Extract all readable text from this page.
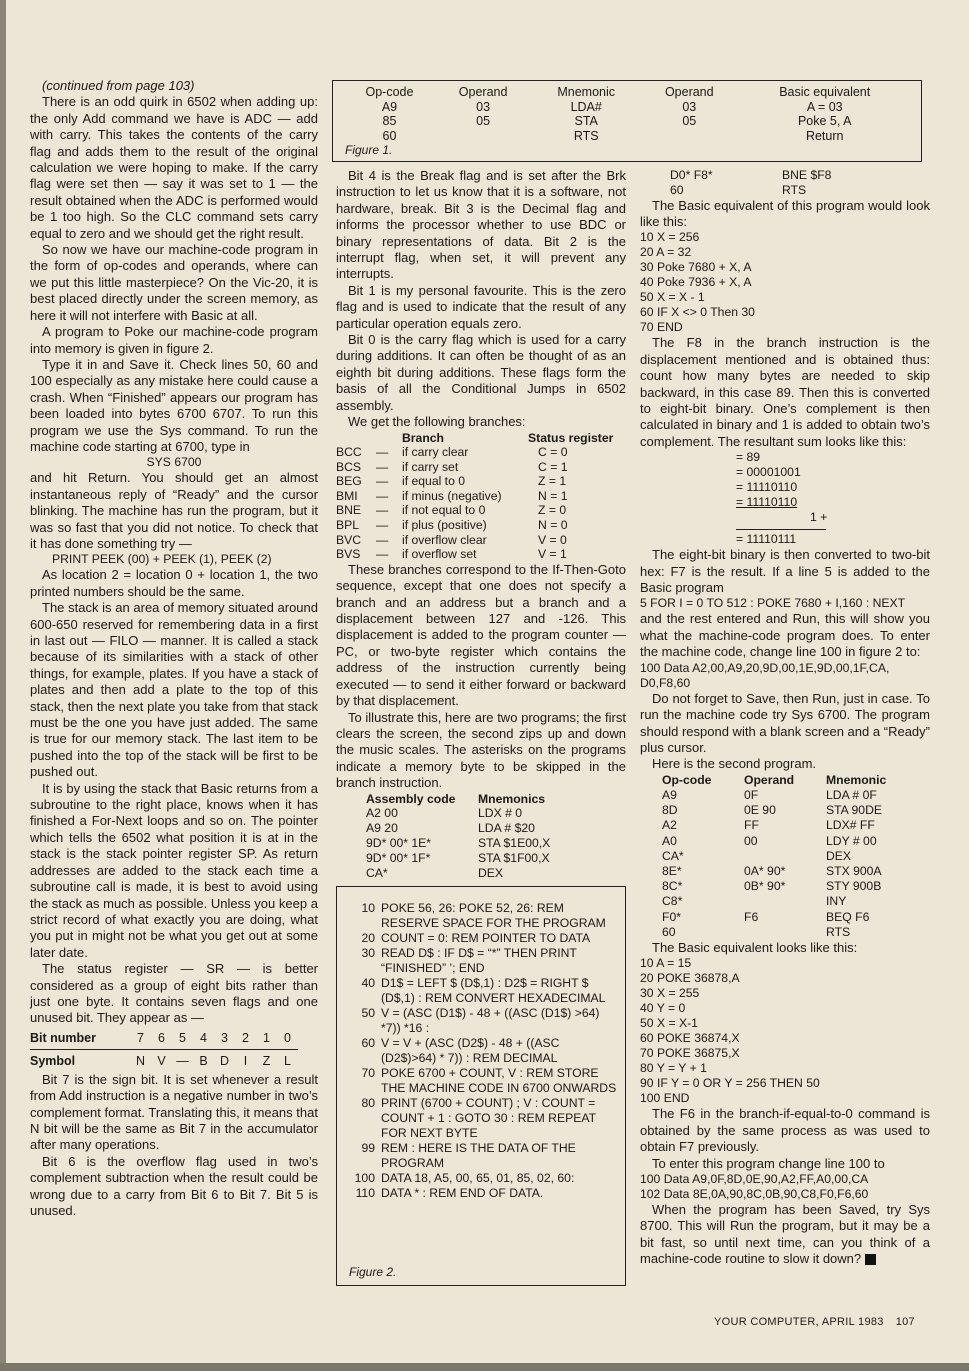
(continued from page 103)

There is an odd quirk in 6502 when adding up: the only Add command we have is ADC — add with carry. This takes the contents of the carry flag and adds them to the result of the original calculation we were hoping to make. If the carry flag were set then — say it was set to 1 — the result obtained when the ADC is performed would be 1 too high. So the CLC command sets carry equal to zero and we should get the right result.

So now we have our machine-code program in the form of op-codes and operands, where can we put this little masterpiece? On the Vic-20, it is best placed directly under the screen memory, as here it will not interfere with Basic at all.

A program to Poke our machine-code program into memory is given in figure 2.

Type it in and Save it. Check lines 50, 60 and 100 especially as any mistake here could cause a crash. When “Finished” appears our program has been loaded into bytes 6700 6707. To run this program we use the Sys command. To run the machine code starting at 6700, type in

SYS 6700

and hit Return. You should get an almost instantaneous reply of “Ready” and the cursor blinking. The machine has run the program, but it was so fast that you did not notice. To check that it has done something try —

PRINT PEEK (00) + PEEK (1), PEEK (2)

As location 2 = location 0 + location 1, the two printed numbers should be the same.

The stack is an area of memory situated around 600-650 reserved for remembering data in a first in last out — FILO — manner. It is called a stack because of its similarities with a stack of other things, for example, plates. If you have a stack of plates and then add a plate to the top of this stack, then the next plate you take from that stack must be the one you have just added. The same is true for our memory stack. The last item to be pushed into the top of the stack will be first to be pushed out.

It is by using the stack that Basic returns from a subroutine to the right place, knows when it has finished a For-Next loops and so on. The pointer which tells the 6502 what position it is at in the stack is the stack pointer register SP. As return addresses are added to the stack each time a subroutine call is made, it is best to avoid using the stack as much as possible. Unless you keep a strict record of what exactly you are doing, what you put in might not be what you get out at some later date.

The status register — SR — is better considered as a group of eight bits rather than just one byte. It contains seven flags and one unused bit. They appear as —

Bit number	7	6	5	4	3	2	1	0
Symbol	N	V	—	B	D	I	Z	L

Bit 7 is the sign bit. It is set whenever a result from Add instruction is a negative number in two’s complement format. Translating this, it means that N bit will be the same as Bit 7 in the accumulator after many operations.

Bit 6 is the overflow flag used in two’s complement subtraction when the result could be wrong due to a carry from Bit 6 to Bit 7. Bit 5 is unused.

Op-code	Operand	Mnemonic	Operand	Basic equivalent
A9	03	LDA#	03	A = 03
85	05	STA	05	Poke 5, A
60		RTS		Return
Figure 1.

Bit 4 is the Break flag and is set after the Brk instruction to let us know that it is a software, not hardware, break. Bit 3 is the Decimal flag and informs the processor whether to use BDC or binary representations of data. Bit 2 is the interrupt flag, when set, it will prevent any interrupts.

Bit 1 is my personal favourite. This is the zero flag and is used to indicate that the result of any particular operation equals zero.

Bit 0 is the carry flag which is used for a carry during additions. It can often be thought of as an eighth bit during additions. These flags form the basis of all the Conditional Jumps in 6502 assembly.

We get the following branches:

		Branch	Status register
BCC	—	if carry clear	C = 0
BCS	—	if carry set	C = 1
BEG	—	if equal to 0	Z = 1
BMI	—	if minus (negative)	N = 1
BNE	—	if not equal to 0	Z = 0
BPL	—	if plus (positive)	N = 0
BVC	—	if overflow clear	V = 0
BVS	—	if overflow set	V = 1

These branches correspond to the If-Then-Goto sequence, except that one does not specify a branch and an address but a branch and a displacement between 127 and -126. This displacement is added to the program counter — PC, or two-byte register which contains the address of the instruction currently being executed — to send it either forward or backward by that displacement.

To illustrate this, here are two programs; the first clears the screen, the second zips up and down the music scales. The asterisks on the programs indicate a memory byte to be skipped in the branch instruction.

Assembly code	Mnemonics
A2 00	LDX # 0
A9 20	LDA # $20
9D* 00* 1E*	STA $1E00,X
9D* 00* 1F*	STA $1F00,X
CA*	DEX
10 POKE 56, 26: POKE 52, 26: REM RESERVE SPACE FOR THE PROGRAM
20 COUNT = 0: REM POINTER TO DATA
30 READ D$ : IF D$ = “*” THEN PRINT “FINISHED” ’; END
40 D1$ = LEFT $ (D$,1) : D2$ = RIGHT $ (D$,1) : REM CONVERT HEXADECIMAL
50 V = (ASC (D1$) - 48 + ((ASC (D1$) >64) *7)) *16 :
60 V = V + (ASC (D2$) - 48 + ((ASC (D2$)>64) * 7)) : REM DECIMAL
70 POKE 6700 + COUNT, V : REM STORE THE MACHINE CODE IN 6700 ONWARDS
80 PRINT (6700 + COUNT) ; V : COUNT = COUNT + 1 : GOTO 30 : REM REPEAT FOR NEXT BYTE
99 REM : HERE IS THE DATA OF THE PROGRAM
100 DATA 18, A5, 00, 65, 01, 85, 02, 60:
110 DATA * : REM END OF DATA.
Figure 2.
D0* F8*	BNE $F8
60	RTS

The Basic equivalent of this program would look like this:

10 X = 256
20 A = 32
30 Poke 7680 + X, A
40 Poke 7936 + X, A
50 X = X - 1
60 IF X <> 0 Then 30
70 END

The F8 in the branch instruction is the displacement mentioned and is obtained thus: count how many bytes are needed to skip backward, in this case 89. Then this is converted to eight-bit binary. One’s complement is then calculated in binary and 1 is added to obtain two’s complement. The resultant sum looks like this:

= 89
= 00001001
= 11110110
= 11110110
1 +
= 11110111

The eight-bit binary is then converted to two-bit hex: F7 is the result. If a line 5 is added to the Basic program

5 FOR I = 0 TO 512 : POKE 7680 + I,160 : NEXT

and the rest entered and Run, this will show you what the machine-code program does. To enter the machine code, change line 100 in figure 2 to:

100 Data A2,00,A9,20,9D,00,1E,9D,00,1F,CA, D0,F8,60

Do not forget to Save, then Run, just in case. To run the machine code try Sys 6700. The program should respond with a blank screen and a “Ready” plus cursor.

Here is the second program.

Op-code	Operand	Mnemonic
A9	0F	LDA # 0F
8D	0E 90	STA 90DE
A2	FF	LDX# FF
A0	00	LDY # 00
CA*		DEX
8E*	0A* 90*	STX 900A
8C*	0B* 90*	STY 900B
C8*		INY
F0*	F6	BEQ F6
60		RTS

The Basic equivalent looks like this:

10 A = 15
20 POKE 36878,A
30 X = 255
40 Y = 0
50 X = X-1
60 POKE 36874,X
70 POKE 36875,X
80 Y = Y + 1
90 IF Y = 0 OR Y = 256 THEN 50
100 END

The F6 in the branch-if-equal-to-0 command is obtained by the same process as was used to obtain F7 previously.

To enter this program change line 100 to

100 Data A9,0F,8D,0E,90,A2,FF,A0,00,CA
102 Data 8E,0A,90,8C,0B,90,C8,F0,F6,60

When the program has been Saved, try Sys 8700. This will Run the program, but it may be a bit fast, so until next time, can you think of a machine-code routine to slow it down?

YOUR COMPUTER, APRIL 1983 107
